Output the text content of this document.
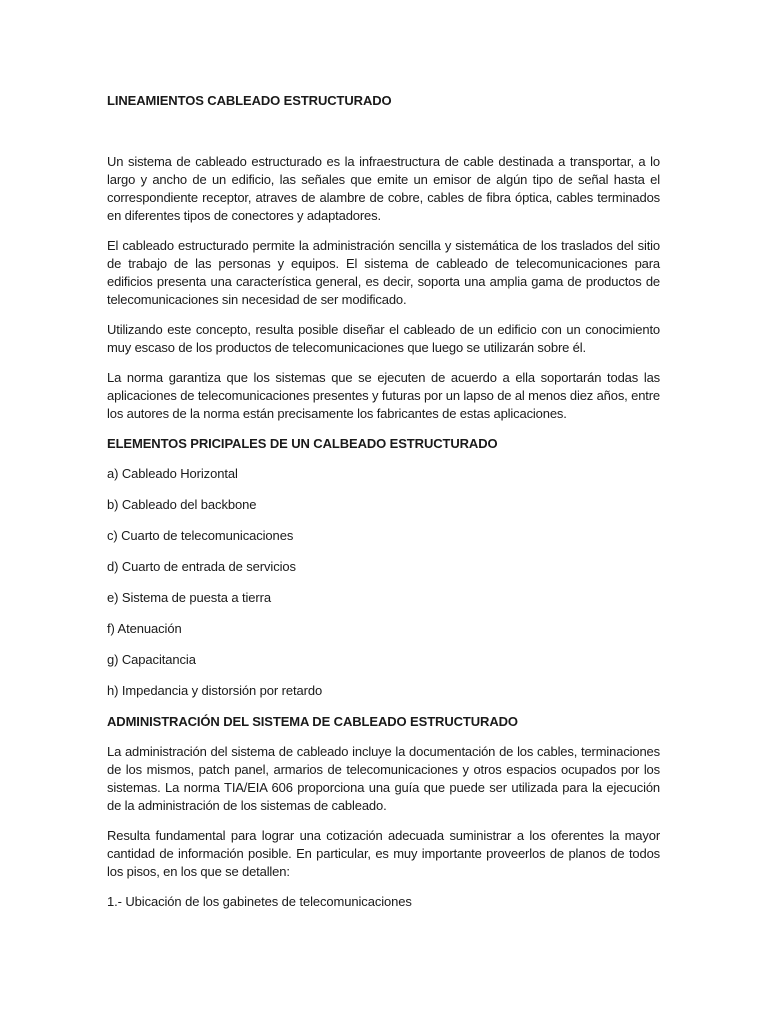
LINEAMIENTOS CABLEADO ESTRUCTURADO

Un sistema de cableado estructurado es la infraestructura de cable destinada a transportar, a lo largo y ancho de un edificio, las señales que emite un emisor de algún tipo de señal hasta el correspondiente receptor, atraves de alambre de cobre, cables de fibra óptica, cables terminados en diferentes tipos de conectores y adaptadores.

El cableado estructurado permite la administración sencilla y sistemática de los traslados del sitio de trabajo de las personas y equipos. El sistema de cableado de telecomunicaciones para edificios presenta una característica general, es decir, soporta una amplia gama de productos de telecomunicaciones sin necesidad de ser modificado.

Utilizando este concepto, resulta posible diseñar el cableado de un edificio con un conocimiento muy escaso de los productos de telecomunicaciones que luego se utilizarán sobre él.

La norma garantiza que los sistemas que se ejecuten de acuerdo a ella soportarán todas las aplicaciones de telecomunicaciones presentes y futuras por un lapso de al menos diez años, entre los autores de la norma están precisamente los fabricantes de estas aplicaciones.

ELEMENTOS PRICIPALES DE UN CALBEADO ESTRUCTURADO

a) Cableado Horizontal

b) Cableado del backbone

c) Cuarto de telecomunicaciones

d) Cuarto de entrada de servicios

e) Sistema de puesta a tierra

f) Atenuación

g) Capacitancia

h) Impedancia y distorsión por retardo

ADMINISTRACIÓN DEL SISTEMA DE CABLEADO ESTRUCTURADO

La administración del sistema de cableado incluye la documentación de los cables, terminaciones de los mismos, patch panel, armarios de telecomunicaciones y otros espacios ocupados por los sistemas. La norma TIA/EIA 606 proporciona una guía que puede ser utilizada para la ejecución de la administración de los sistemas de cableado.

Resulta fundamental para lograr una cotización adecuada suministrar a los oferentes la mayor cantidad de información posible. En particular, es muy importante proveerlos de planos de todos los pisos, en los que se detallen:

1.- Ubicación de los gabinetes de telecomunicaciones
